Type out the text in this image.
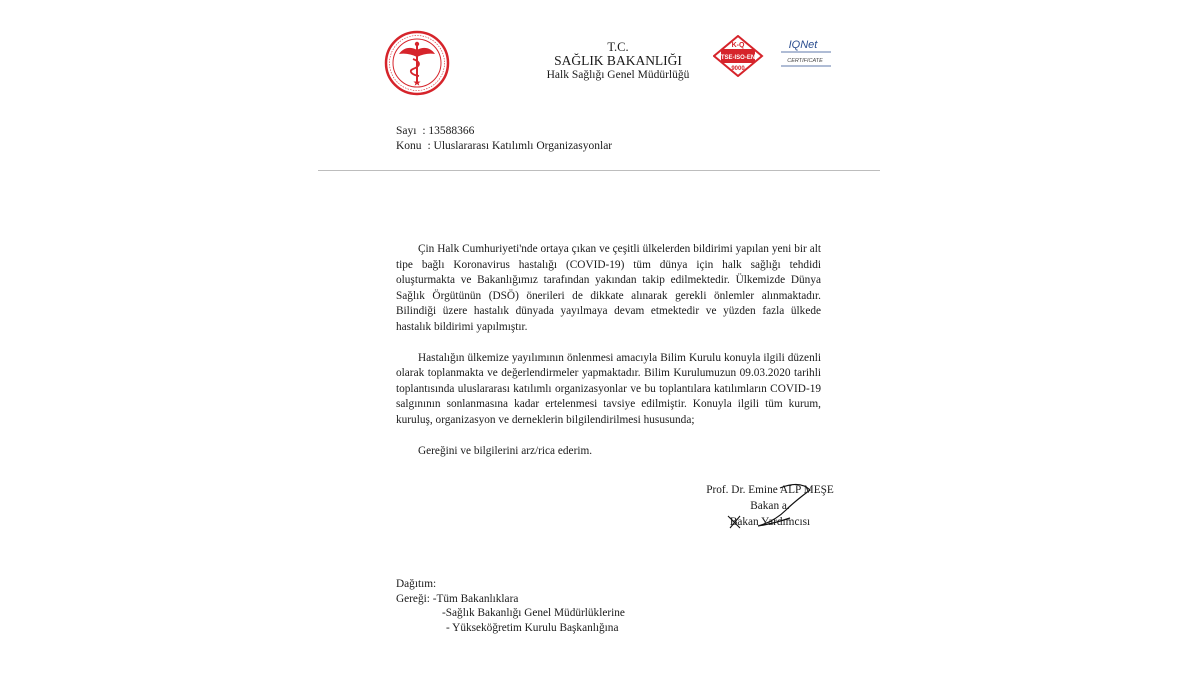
T.C.
SAĞLIK BAKANLIĞI
Halk Sağlığı Genel Müdürlüğü
K-Q
TSE-ISO-EN
9000
IQNet
CERTIFICATE
Sayı : 13588366
Konu : Uluslararası Katılımlı Organizasyonlar

Çin Halk Cumhuriyeti'nde ortaya çıkan ve çeşitli ülkelerden bildirimi yapılan yeni bir alt tipe bağlı Koronavirus hastalığı (COVID-19) tüm dünya için halk sağlığı tehdidi oluşturmakta ve Bakanlığımız tarafından yakından takip edilmektedir. Ülkemizde Dünya Sağlık Örgütünün (DSÖ) önerileri de dikkate alınarak gerekli önlemler alınmaktadır. Bilindiği üzere hastalık dünyada yayılmaya devam etmektedir ve yüzden fazla ülkede hastalık bildirimi yapılmıştır.

Hastalığın ülkemize yayılımının önlenmesi amacıyla Bilim Kurulu konuyla ilgili düzenli olarak toplanmakta ve değerlendirmeler yapmaktadır. Bilim Kurulumuzun 09.03.2020 tarihli toplantısında uluslararası katılımlı organizasyonlar ve bu toplantılara katılımların COVID-19 salgınının sonlanmasına kadar ertelenmesi tavsiye edilmiştir. Konuyla ilgili tüm kurum, kuruluş, organizasyon ve derneklerin bilgilendirilmesi hususunda;

Gereğini ve bilgilerini arz/rica ederim.

Prof. Dr. Emine ALP MEŞE
Bakan a.
Bakan Yardımcısı
Dağıtım:
Gereği: -Tüm Bakanlıklara
-Sağlık Bakanlığı Genel Müdürlüklerine
- Yükseköğretim Kurulu Başkanlığına
